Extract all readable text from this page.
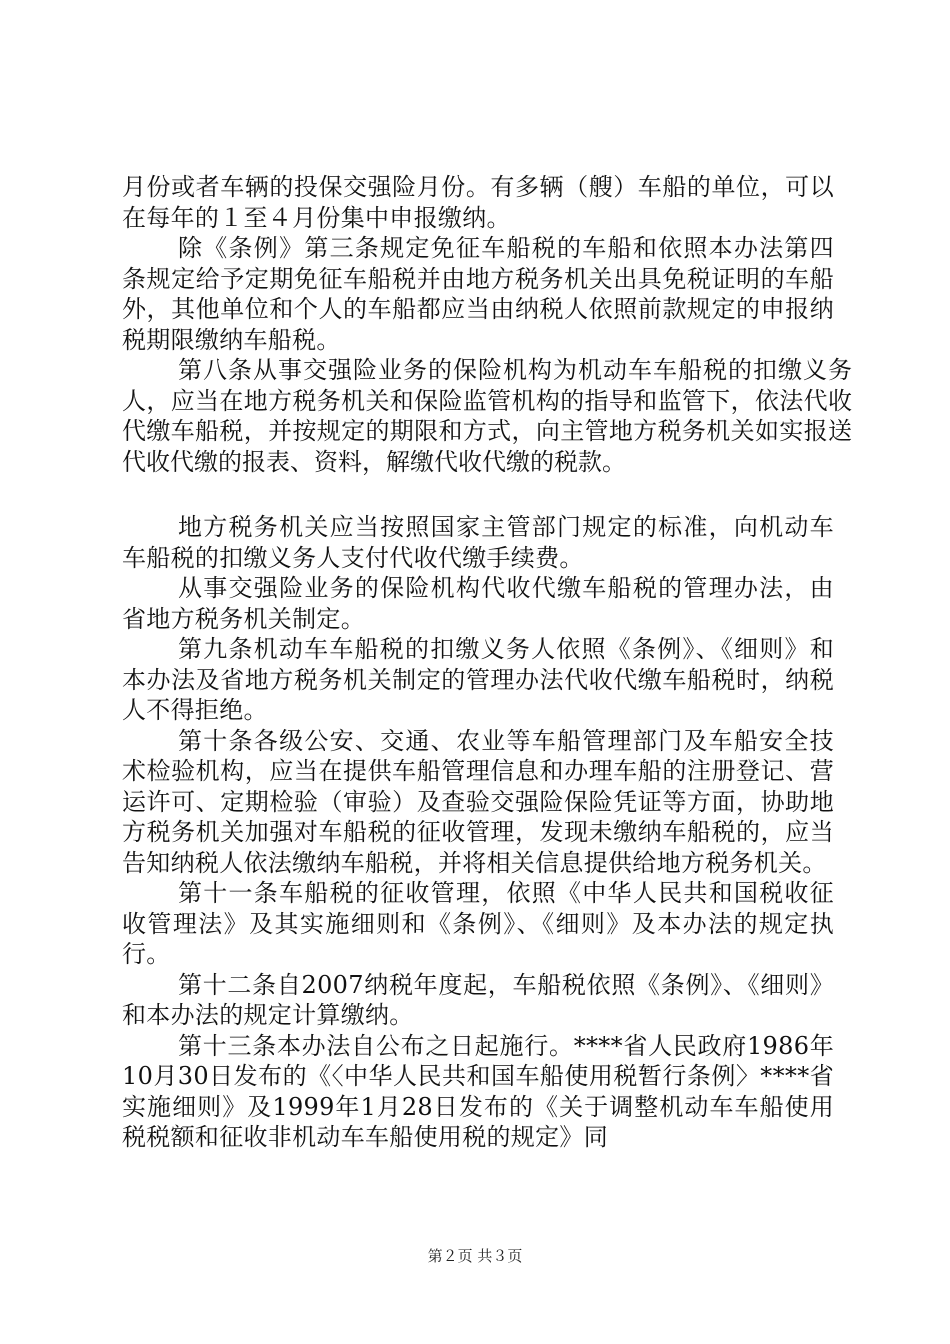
月份或者车辆的投保交强险月份。有多辆（艘）车船的单位，可以在每年的１至４月份集中申报缴纳。

除《条例》第三条规定免征车船税的车船和依照本办法第四条规定给予定期免征车船税并由地方税务机关出具免税证明的车船外，其他单位和个人的车船都应当由纳税人依照前款规定的申报纳税期限缴纳车船税。

第八条从事交强险业务的保险机构为机动车车船税的扣缴义务人，应当在地方税务机关和保险监管机构的指导和监管下，依法代收代缴车船税，并按规定的期限和方式，向主管地方税务机关如实报送代收代缴的报表、资料，解缴代收代缴的税款。

地方税务机关应当按照国家主管部门规定的标准，向机动车车船税的扣缴义务人支付代收代缴手续费。

从事交强险业务的保险机构代收代缴车船税的管理办法，由省地方税务机关制定。

第九条机动车车船税的扣缴义务人依照《条例》、《细则》和本办法及省地方税务机关制定的管理办法代收代缴车船税时，纳税人不得拒绝。

第十条各级公安、交通、农业等车船管理部门及车船安全技术检验机构，应当在提供车船管理信息和办理车船的注册登记、营运许可、定期检验（审验）及查验交强险保险凭证等方面，协助地方税务机关加强对车船税的征收管理，发现未缴纳车船税的，应当告知纳税人依法缴纳车船税，并将相关信息提供给地方税务机关。

第十一条车船税的征收管理，依照《中华人民共和国税收征收管理法》及其实施细则和《条例》、《细则》及本办法的规定执行。

第十二条自2007纳税年度起，车船税依照《条例》、《细则》和本办法的规定计算缴纳。

第十三条本办法自公布之日起施行。****省人民政府1986年10月30日发布的《〈中华人民共和国车船使用税暂行条例〉****省实施细则》及1999年1月28日发布的《关于调整机动车车船使用税税额和征收非机动车车船使用税的规定》同

第２页 共３页
